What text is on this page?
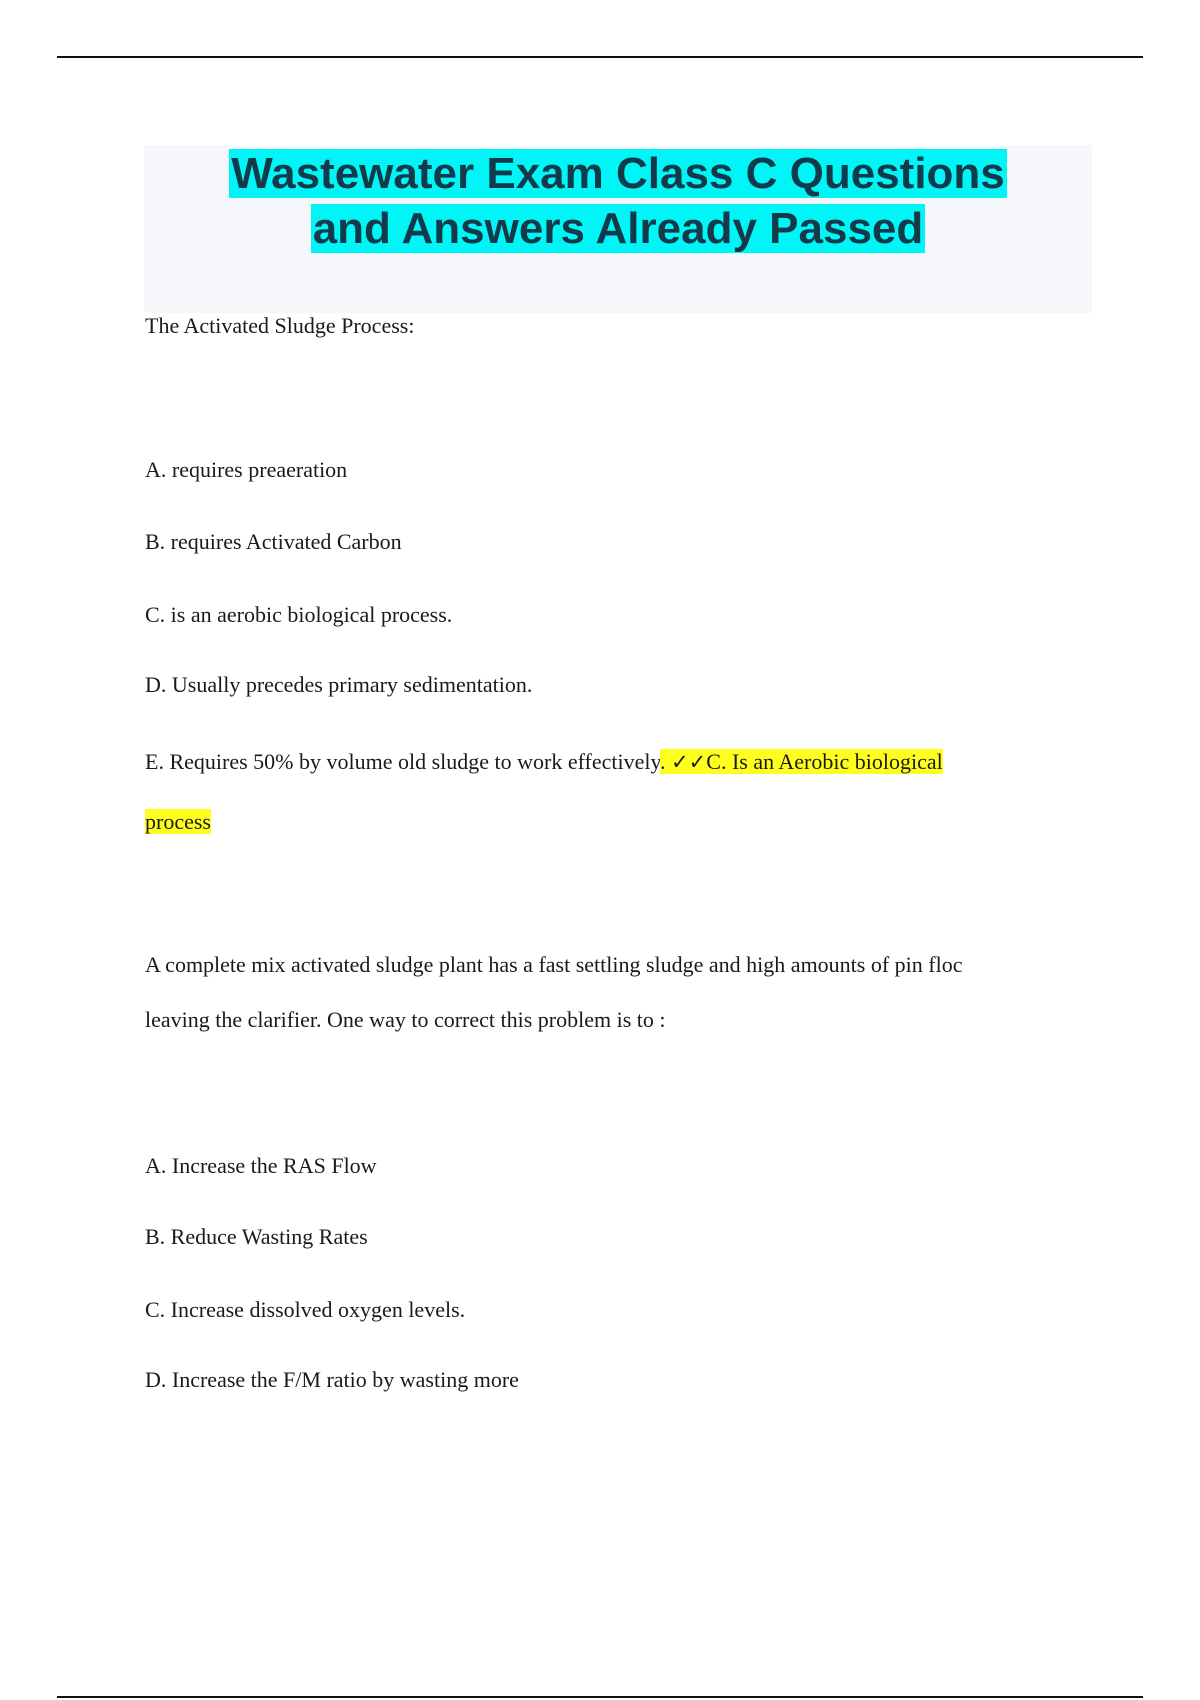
Wastewater Exam Class C Questions
and Answers Already Passed
The Activated Sludge Process:
A. requires preaeration
B. requires Activated Carbon
C. is an aerobic biological process.
D. Usually precedes primary sedimentation.
E. Requires 50% by volume old sludge to work effectively. ✓✓C. Is an Aerobic biological
process
A complete mix activated sludge plant has a fast settling sludge and high amounts of pin floc
leaving the clarifier. One way to correct this problem is to :
A. Increase the RAS Flow
B. Reduce Wasting Rates
C. Increase dissolved oxygen levels.
D. Increase the F/M ratio by wasting more
